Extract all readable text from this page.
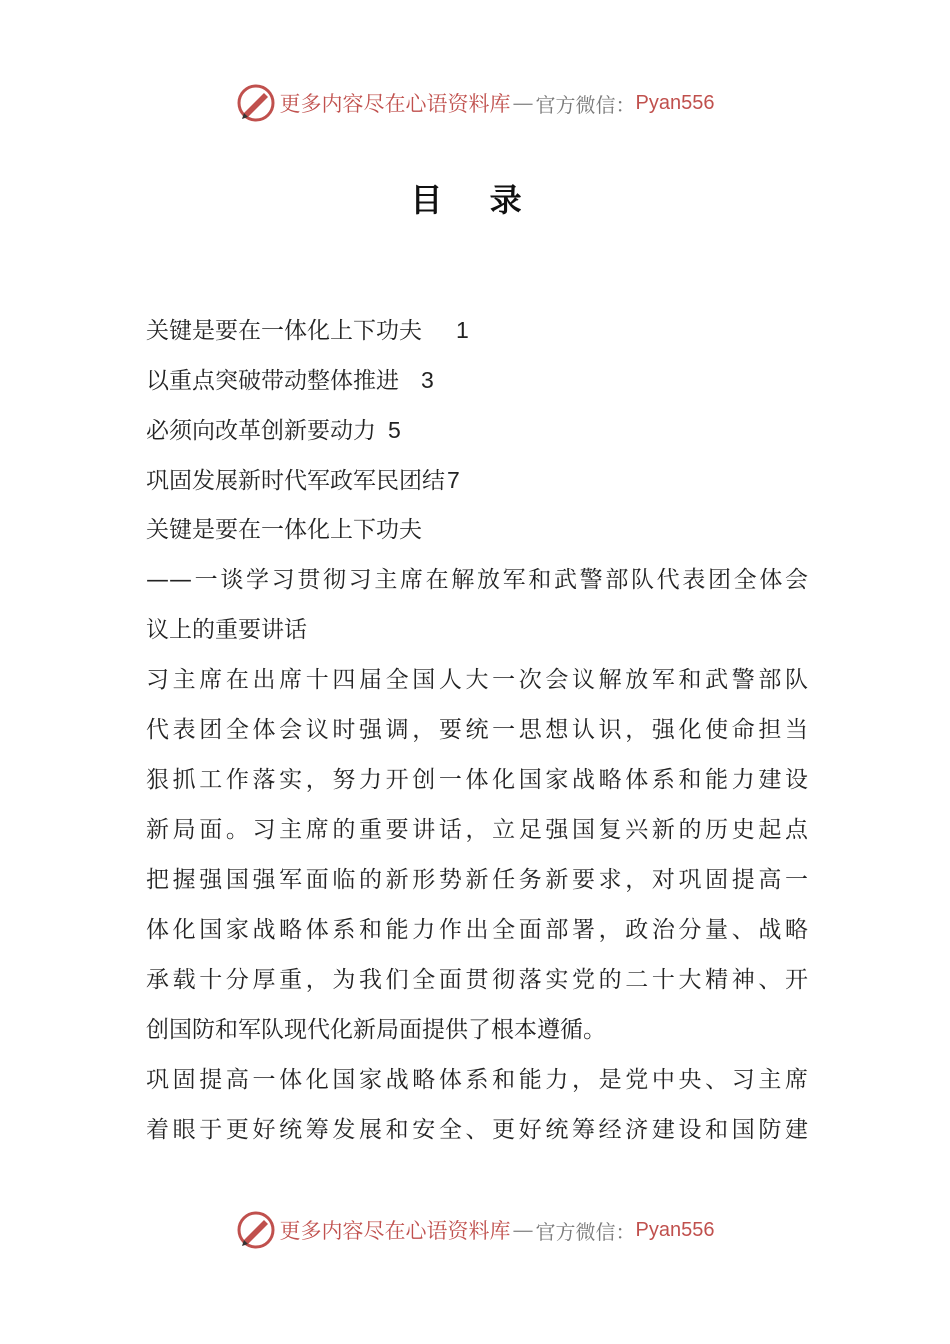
更多内容尽在心语资料库 — 官方微信： Pyan556
目 录
关键是要在一体化上下功夫 1
以重点突破带动整体推进 3
必须向改革创新要动力 5
巩固发展新时代军政军民团结7
关键是要在一体化上下功夫
——一谈学习贯彻习主席在解放军和武警部队代表团全体会
议上的重要讲话
习主席在出席十四届全国人大一次会议解放军和武警部队
代表团全体会议时强调，要统一思想认识，强化使命担当
狠抓工作落实，努力开创一体化国家战略体系和能力建设
新局面。习主席的重要讲话，立足强国复兴新的历史起点
把握强国强军面临的新形势新任务新要求，对巩固提高一
体化国家战略体系和能力作出全面部署，政治分量、战略
承载十分厚重，为我们全面贯彻落实党的二十大精神、开
创国防和军队现代化新局面提供了根本遵循。
巩固提高一体化国家战略体系和能力，是党中央、习主席
着眼于更好统筹发展和安全、更好统筹经济建设和国防建
更多内容尽在心语资料库 — 官方微信： Pyan556
